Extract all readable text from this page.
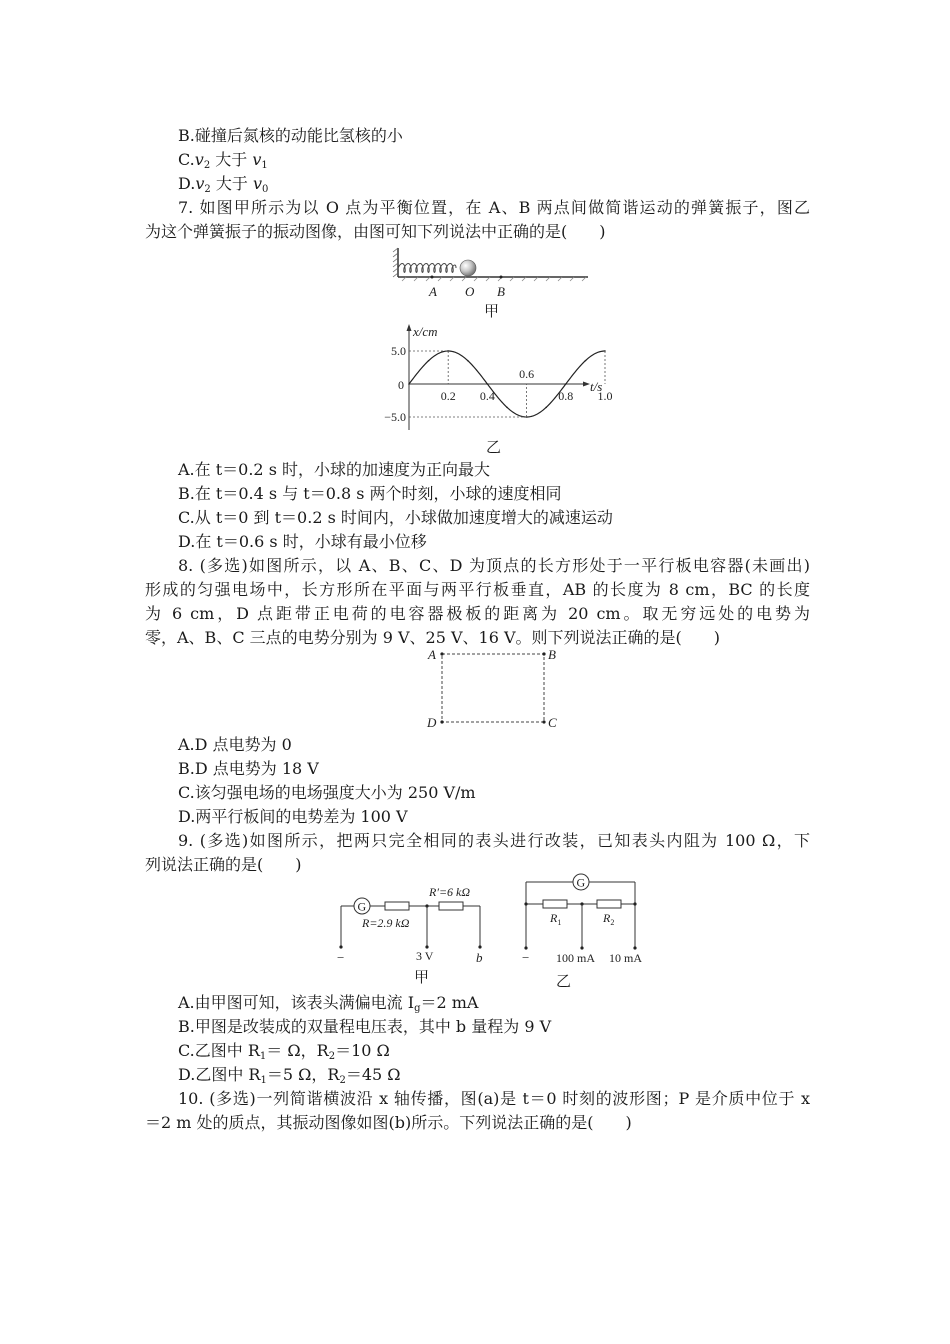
B.碰撞后氮核的动能比氢核的小
$C.v_2$ 大于 $v_1$
$D.v_2$ 大于 $v_0$
7. 如图甲所示为以 O 点为平衡位置，在 A、B 两点间做简谐运动的弹簧振子，图乙
为这个弹簧振子的振动图像，由图可知下列说法中正确的是(　　)
A O B
甲
x/cm
t/s
0
5.0
−5.0
0.2 0.4
0.6
0.8 1.0
乙
A.在 t＝0.2 s 时，小球的加速度为正向最大
B.在 t＝0.4 s 与 t＝0.8 s 两个时刻，小球的速度相同
C.从 t＝0 到 t＝0.2 s 时间内，小球做加速度增大的减速运动
D.在 t＝0.6 s 时，小球有最小位移
8. (多选)如图所示，以 A、B、C、D 为顶点的长方形处于一平行板电容器(未画出)
形成的匀强电场中，长方形所在平面与两平行板垂直，AB 的长度为 8 cm，BC 的长度
为 6 cm，D 点距带正电荷的电容器极板的距离为 20 cm。取无穷远处的电势为
零，A、B、C 三点的电势分别为 9 V、25 V、16 V。则下列说法正确的是(　　)
A	B
C
D
A.D 点电势为 0
B.D 点电势为 18 V
C.该匀强电场的电场强度大小为 250 V/m
D.两平行板间的电势差为 100 V
9. (多选)如图所示，把两只完全相同的表头进行改装，已知表头内阻为 100 Ω，下
列说法正确的是(　　)
G
R=2.9 kΩ
R′=6 kΩ
−	3 V	b
甲
G
$R_1$	$R_2$
− 100 mA 10 mA
乙
A.由甲图可知，该表头满偏电流 $I_g=2$ mA
B.甲图是改装成的双量程电压表，其中 b 量程为 9 V
C.乙图中 $R_1= \Omega$，$R_2=10$ Ω
D.乙图中 $R_1=5$ Ω，$R_2=45$ Ω
10. (多选)一列简谐横波沿 x 轴传播，图(a)是 t＝0 时刻的波形图；P 是介质中位于 x
＝2 m 处的质点，其振动图像如图(b)所示。下列说法正确的是(　　)
